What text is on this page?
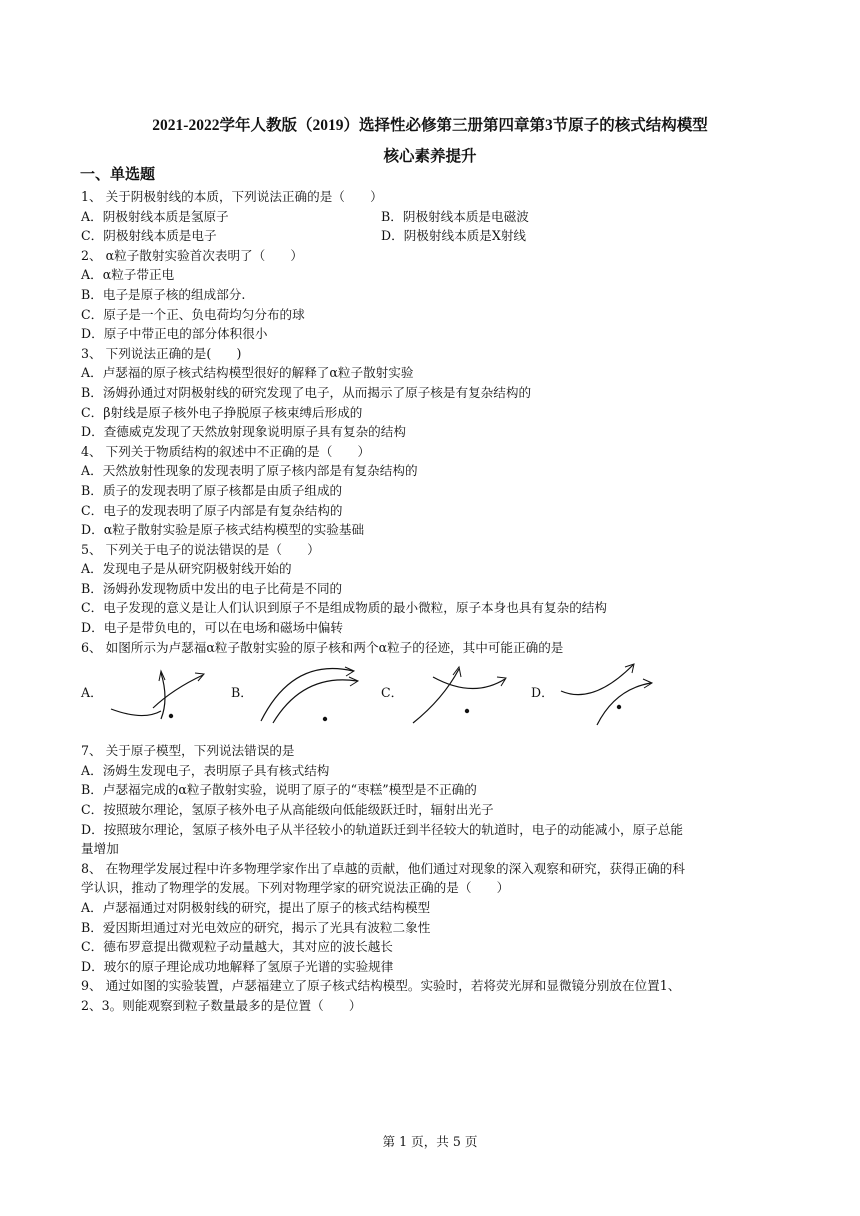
2021-2022学年人教版（2019）选择性必修第三册第四章第3节原子的核式结构模型
核心素养提升
一、单选题
1、 关于阴极射线的本质，下列说法正确的是（　　）
A．阴极射线本质是氢原子	B．阴极射线本质是电磁波
C．阴极射线本质是电子	D．阴极射线本质是X射线
2、 α粒子散射实验首次表明了（　　）
A．α粒子带正电
B．电子是原子核的组成部分.
C．原子是一个正、负电荷均匀分布的球
D．原子中带正电的部分体积很小
3、 下列说法正确的是(　　)
A．卢瑟福的原子核式结构模型很好的解释了α粒子散射实验
B．汤姆孙通过对阴极射线的研究发现了电子，从而揭示了原子核是有复杂结构的
C．β射线是原子核外电子挣脱原子核束缚后形成的
D．查德威克发现了天然放射现象说明原子具有复杂的结构
4、 下列关于物质结构的叙述中不正确的是（　　）
A．天然放射性现象的发现表明了原子核内部是有复杂结构的
B．质子的发现表明了原子核都是由质子组成的
C．电子的发现表明了原子内部是有复杂结构的
D．α粒子散射实验是原子核式结构模型的实验基础
5、 下列关于电子的说法错误的是（　　）
A．发现电子是从研究阴极射线开始的
B．汤姆孙发现物质中发出的电子比荷是不同的
C．电子发现的意义是让人们认识到原子不是组成物质的最小微粒，原子本身也具有复杂的结构
D．电子是带负电的，可以在电场和磁场中偏转
6、 如图所示为卢瑟福α粒子散射实验的原子核和两个α粒子的径迹，其中可能正确的是
A．	B．	C．	D．
7、 关于原子模型，下列说法错误的是
A．汤姆生发现电子，表明原子具有核式结构
B．卢瑟福完成的α粒子散射实验，说明了原子的“枣糕”模型是不正确的
C．按照玻尔理论，氢原子核外电子从高能级向低能级跃迁时，辐射出光子
D．按照玻尔理论，氢原子核外电子从半径较小的轨道跃迁到半径较大的轨道时，电子的动能减小，原子总能
量增加
8、 在物理学发展过程中许多物理学家作出了卓越的贡献，他们通过对现象的深入观察和研究，获得正确的科
学认识，推动了物理学的发展。下列对物理学家的研究说法正确的是（　　）
A．卢瑟福通过对阴极射线的研究，提出了原子的核式结构模型
B．爱因斯坦通过对光电效应的研究，揭示了光具有波粒二象性
C．德布罗意提出微观粒子动量越大，其对应的波长越长
D．玻尔的原子理论成功地解释了氢原子光谱的实验规律
9、 通过如图的实验装置，卢瑟福建立了原子核式结构模型。实验时，若将荧光屏和显微镜分别放在位置1、
2、3。则能观察到粒子数量最多的是位置（　　）
第 1 页，共 5 页
